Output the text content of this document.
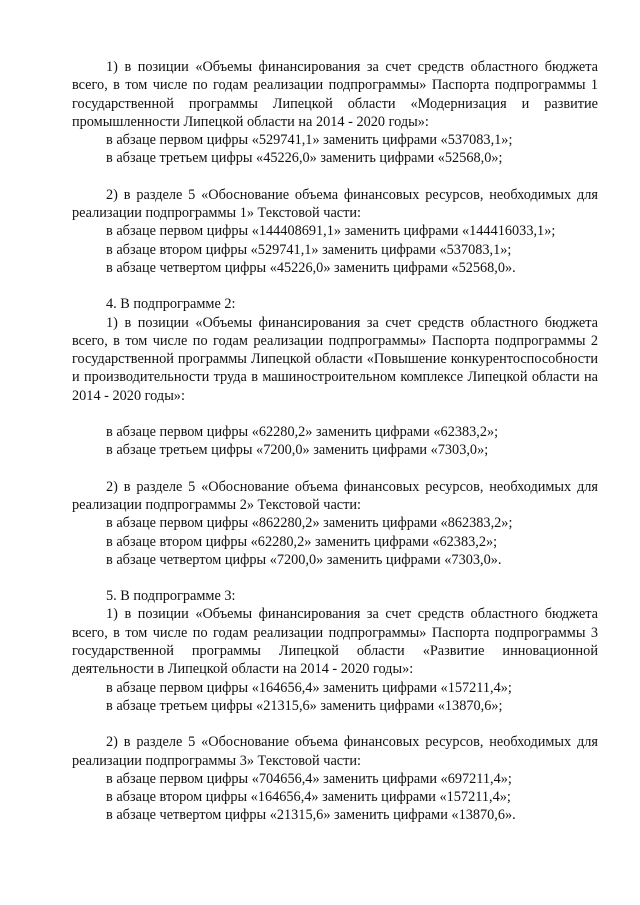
1) в позиции «Объемы финансирования за счет средств областного бюджета всего, в том числе по годам реализации подпрограммы» Паспорта подпрограммы 1 государственной программы Липецкой области «Модернизация и развитие промышленности Липецкой области на 2014 - 2020 годы»:

в абзаце первом цифры «529741,1» заменить цифрами «537083,1»;

в абзаце третьем цифры «45226,0» заменить цифрами «52568,0»;

2) в разделе 5 «Обоснование объема финансовых ресурсов, необходимых для реализации подпрограммы 1» Текстовой части:

в абзаце первом цифры «144408691,1» заменить цифрами «144416033,1»;

в абзаце втором цифры «529741,1» заменить цифрами «537083,1»;

в абзаце четвертом цифры «45226,0» заменить цифрами «52568,0».

4. В подпрограмме 2:

1) в позиции «Объемы финансирования за счет средств областного бюджета всего, в том числе по годам реализации подпрограммы» Паспорта подпрограммы 2 государственной программы Липецкой области «Повышение конкурентоспособности и производительности труда в машиностроительном комплексе Липецкой области на 2014 - 2020 годы»:

в абзаце первом цифры «62280,2» заменить цифрами «62383,2»;

в абзаце третьем цифры «7200,0» заменить цифрами «7303,0»;

2) в разделе 5 «Обоснование объема финансовых ресурсов, необходимых для реализации подпрограммы 2» Текстовой части:

в абзаце первом цифры «862280,2» заменить цифрами «862383,2»;

в абзаце втором цифры «62280,2» заменить цифрами «62383,2»;

в абзаце четвертом цифры «7200,0» заменить цифрами «7303,0».

5. В подпрограмме 3:

1) в позиции «Объемы финансирования за счет средств областного бюджета всего, в том числе по годам реализации подпрограммы» Паспорта подпрограммы 3 государственной программы Липецкой области «Развитие инновационной деятельности в Липецкой области на 2014 - 2020 годы»:

в абзаце первом цифры «164656,4» заменить цифрами «157211,4»;

в абзаце третьем цифры «21315,6» заменить цифрами «13870,6»;

2) в разделе 5 «Обоснование объема финансовых ресурсов, необходимых для реализации подпрограммы 3» Текстовой части:

в абзаце первом цифры «704656,4» заменить цифрами «697211,4»;

в абзаце втором цифры «164656,4» заменить цифрами «157211,4»;

в абзаце четвертом цифры «21315,6» заменить цифрами «13870,6».
